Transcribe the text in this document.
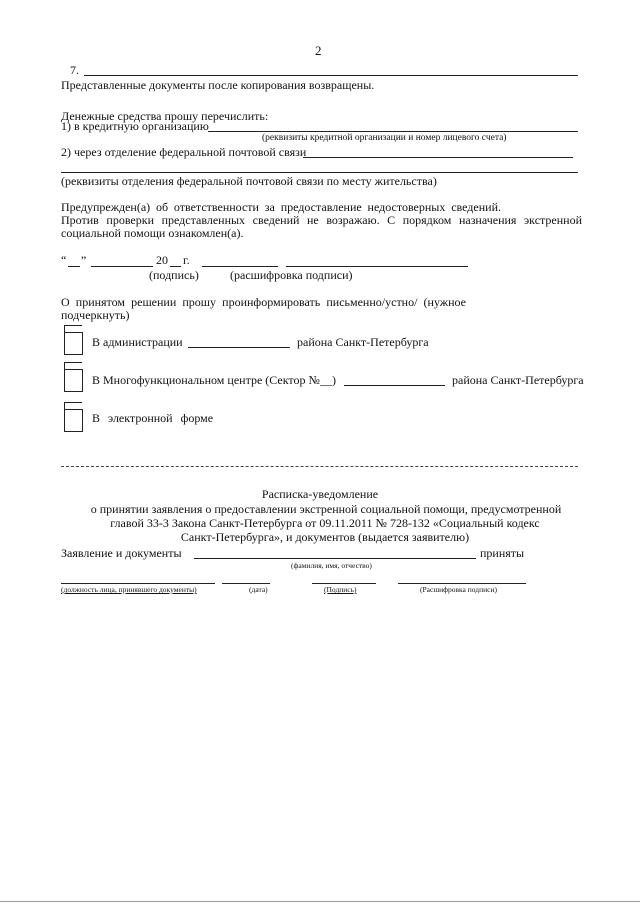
2
7.
Представленные документы после копирования возвращены.
Денежные средства прошу перечислить:
1) в кредитную организацию
(реквизиты кредитной организации и номер лицевого счета)
2) через отделение федеральной почтовой связи
(реквизиты отделения федеральной почтовой связи по месту жительства)
Предупрежден(а) об ответственности за предоставление недостоверных сведений.
Против проверки представленных сведений не возражаю. С порядком назначения экстренной
социальной помощи ознакомлен(а).
“ ”	20 г.
(подпись)	(расшифровка подписи)
О принятом решении прошу проинформировать письменно/устно/ (нужное
подчеркнуть)
В администрации	района Санкт-Петербурга
В Многофункциональном центре (Сектор №__)	района Санкт-Петербурга
В электронной форме
Расписка-уведомление
о принятии заявления о предоставлении экстренной социальной помощи, предусмотренной
главой 33-3 Закона Санкт-Петербурга от 09.11.2011 № 728-132 «Социальный кодекс
Санкт-Петербурга», и документов (выдается заявителю)
Заявление и документы	приняты
(фамилия, имя, отчество)
(должность лица, принявшего документы)	(дата)	(Подпись)	(Расшифровка подписи)
